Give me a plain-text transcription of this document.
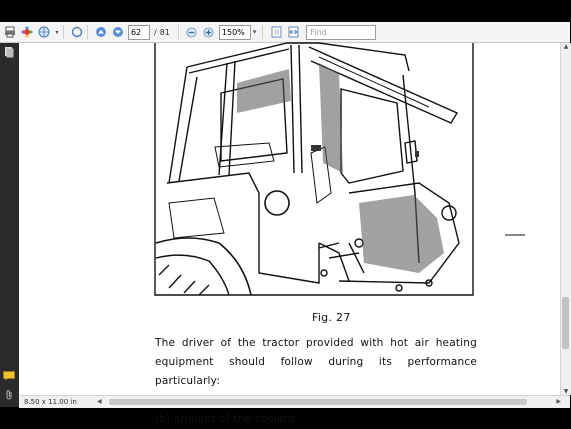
▾	62	/ 81	150%	▾	Find
Fig. 27

The driver of the tractor provided with hot air heating

equipment should follow during its performance particularly:

(b) amount of the coolant

▲
▼
8.50 x 11.00 in	◀	▶
